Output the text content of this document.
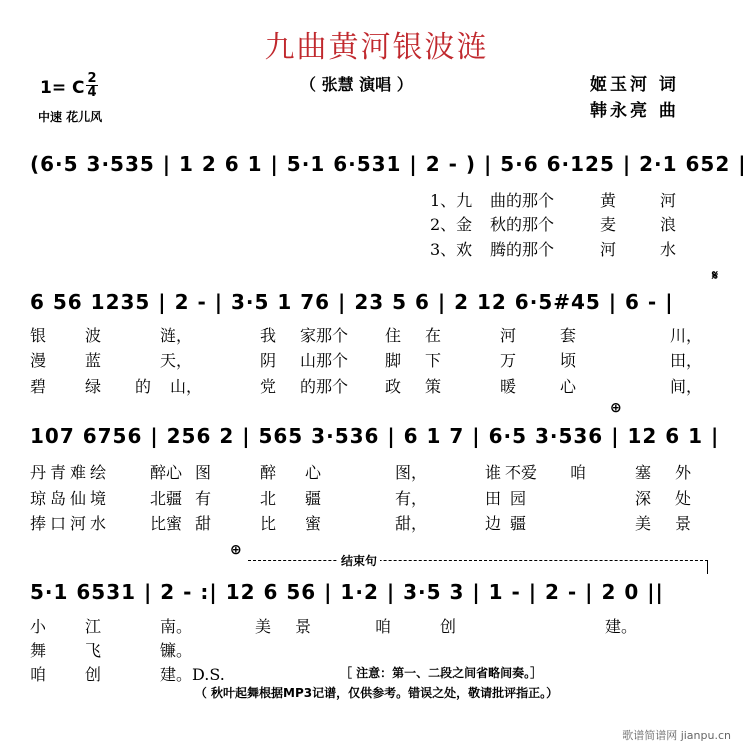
九曲黄河银波涟
（ 张慧 演唱 ）	姬玉河 词
韩永亮 曲
1= C 2
4
中速 花儿风
(6·5 3·535 | 1 2 6 1 | 5·1 6·531 | 2 - ) | 5·6 6·125 | 2·1 652 |
1、九 曲的那个	黄	河
2、金 秋的那个	麦	浪
3、欢 腾的那个	河	水
6 56 1235 | 2 - | 3·5 1 76 | 23 5 6 | 2 12 6·5#45 | 6 - |
𝄋
银 波	涟，	我 家那个 住 在	河	套	川，
漫 蓝	天，	阴 山那个 脚 下	万	顷	田，
碧 绿 的 山，	党 的那个 政 策	暖	心	间，
107 6756 | 256 2 | 565 3·536 | 6 1 7 | 6·5 3·536 | 12 6 1 |
⊕
丹 青 难 绘	醉心 图	醉 心	图，	谁 不爱 咱	塞 外
琼 岛 仙 境	北疆 有	北 疆	有，	田 园	深 处
捧 口 河 水	比蜜 甜	比 蜜	甜，	边 疆	美 景
⊕
结束句
5·1 6531 | 2 - :| 12 6 56 | 1·2 | 3·5 3 | 1 - | 2 - | 2 0 ||
小 江	南。	美 景	咱	创	建。
舞 飞	镰。
咱 创	建。D.S.	［ 注意：第一、二段之间省略间奏。］
（ 秋叶起舞根据MP3记谱，仅供参考。错误之处，敬请批评指正。）
歌谱简谱网 jianpu.cn
